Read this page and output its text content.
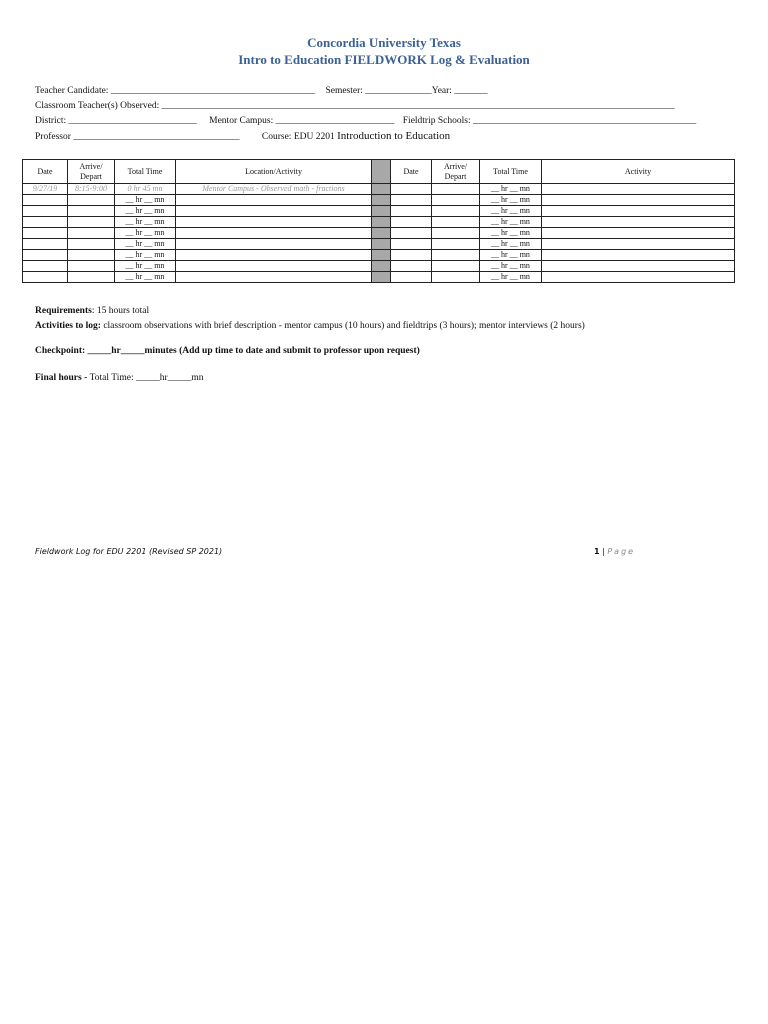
Concordia University Texas
Intro to Education FIELDWORK Log & Evaluation
Teacher Candidate: ___________________________________________ Semester: ______________Year: _______
Classroom Teacher(s) Observed: ____________________________________________________________________________________________________________
District: ___________________________ Mentor Campus: _________________________ Fieldtrip Schools: _______________________________________________
Professor ___________________________________ Course: EDU 2201 Introduction to Education
Date	Arrive/ Depart	Total Time	Location/Activity		Date	Arrive/ Depart	Total Time	Activity
9/27/19	8:15-9:00	0 hr 45 mn	Mentor Campus - Observed math - fractions				__ hr __ mn	
		__ hr __ mn					__ hr __ mn	
		__ hr __ mn					__ hr __ mn	
		__ hr __ mn					__ hr __ mn	
		__ hr __ mn					__ hr __ mn	
		__ hr __ mn					__ hr __ mn	
		__ hr __ mn					__ hr __ mn	
		__ hr __ mn					__ hr __ mn	
		__ hr __ mn					__ hr __ mn	
Requirements: 15 hours total
Activities to log: classroom observations with brief description - mentor campus (10 hours) and fieldtrips (3 hours); mentor interviews (2 hours)
Checkpoint: _____hr_____minutes (Add up time to date and submit to professor upon request)
Final hours - Total Time: _____hr_____mn
Fieldwork Log for EDU 2201 (Revised SP 2021)	1 | Page
